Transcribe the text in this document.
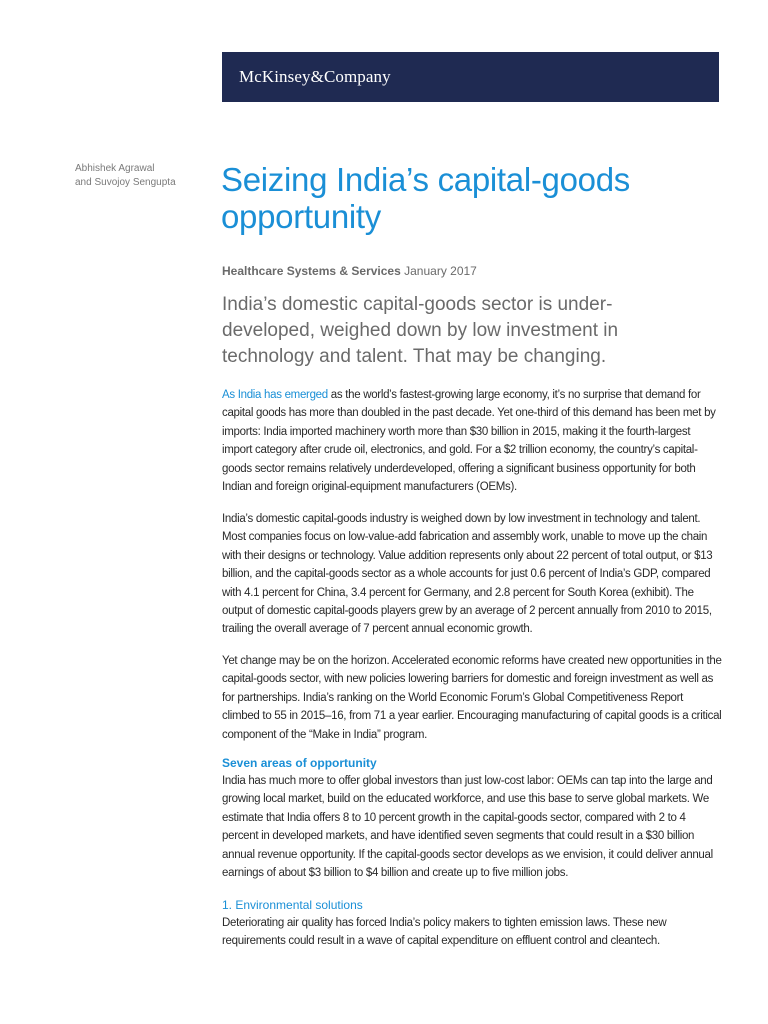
McKinsey&Company
Abhishek Agrawal
and Suvojoy Sengupta	Seizing India’s capital-goods opportunity
Healthcare Systems & Services January 2017

India’s domestic capital-goods sector is under-developed, weighed down by low investment in technology and talent. That may be changing.

As India has emerged as the world’s fastest-growing large economy, it’s no surprise that demand for capital goods has more than doubled in the past decade. Yet one-third of this demand has been met by imports: India imported machinery worth more than $30 billion in 2015, making it the fourth-largest import category after crude oil, electronics, and gold. For a $2 trillion economy, the country’s capital-goods sector remains relatively underdeveloped, offering a significant business opportunity for both Indian and foreign original-equipment manufacturers (OEMs).

India’s domestic capital-goods industry is weighed down by low investment in technology and talent. Most companies focus on low-value-add fabrication and assembly work, unable to move up the chain with their designs or technology. Value addition represents only about 22 percent of total output, or $13 billion, and the capital-goods sector as a whole accounts for just 0.6 percent of India’s GDP, compared with 4.1 percent for China, 3.4 percent for Germany, and 2.8 percent for South Korea (exhibit). The output of domestic capital-goods players grew by an average of 2 percent annually from 2010 to 2015, trailing the overall average of 7 percent annual economic growth.

Yet change may be on the horizon. Accelerated economic reforms have created new opportunities in the capital-goods sector, with new policies lowering barriers for domestic and foreign investment as well as for partnerships. India’s ranking on the World Economic Forum’s Global Competitiveness Report climbed to 55 in 2015–16, from 71 a year earlier. Encouraging manufacturing of capital goods is a critical component of the “Make in India” program.

Seven areas of opportunity

India has much more to offer global investors than just low-cost labor: OEMs can tap into the large and growing local market, build on the educated workforce, and use this base to serve global markets. We estimate that India offers 8 to 10 percent growth in the capital-goods sector, compared with 2 to 4 percent in developed markets, and have identified seven segments that could result in a $30 billion annual revenue opportunity. If the capital-goods sector develops as we envision, it could deliver annual earnings of about $3 billion to $4 billion and create up to five million jobs.

1. Environmental solutions

Deteriorating air quality has forced India’s policy makers to tighten emission laws. These new requirements could result in a wave of capital expenditure on effluent control and cleantech.
